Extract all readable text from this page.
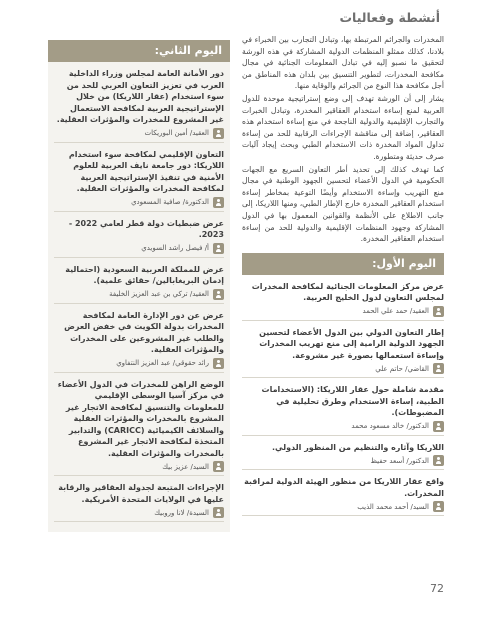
أنشطة وفعاليات

المخدرات والجرائم المرتبطة بها، وتبادل التجارب بين الخبراء في بلادنا، كذلك ممثلو المنظمات الدولية المشاركة في هذه الورشة لتحقيق ما نصبو إليه في تبادل المعلومات الجنائية في مجال مكافحة المخدرات، لتطوير التنسيق بين بلدان هذه المناطق من أجل مكافحة هذا النوع من الجرائم والوقاية منها.

يشار إلى أن الورشة تهدف إلى وضع إستراتيجية موحدة للدول العربية لمنع إساءة استخدام العقاقير المخدرة، وتبادل الخبرات والتجارب الإقليمية والدولية الناجحة في منع إساءة استخدام هذه العقاقير، إضافة إلى مناقشة الإجراءات الرقابية للحد من إساءة تداول المواد المخدرة ذات الاستخدام الطبي وبحث إيجاد آليات صرف حديثة ومتطورة.

كما تهدف كذلك إلى تحديد أطر التعاون السريع مع الجهات الحكومية في الدول الأعضاء لتحسين الجهود الوطنية في مجال منع التهريب وإساءة الاستخدام وأيضًا التوعية بمخاطر إساءة استخدام العقاقير المخدرة خارج الإطار الطبي، ومنها اللاريكا، إلى جانب الاطلاع على الأنظمة والقوانين المعمول بها في الدول المشاركة وجهود المنظمات الإقليمية والدولية للحد من إساءة استخدام العقاقير المخدرة.

اليوم الأول:

عرض مركز المعلومات الجنائية لمكافحة المخدرات لمجلس التعاون لدول الخليج العربية.

العقيد/ حمد علي الحمد

إطار التعاون الدولي بين الدول الأعضاء لتحسين الجهود الدولية الرامية إلى منع تهريب المخدرات وإساءة استعمالها بصورة غير مشروعة.

القاضي/ حاتم علي

مقدمة شاملة حول عقار اللاريكا: (الاستخدامات الطبية، إساءة الاستخدام وطرق تحليلية في المضبوطات).

الدكتور/ خالد مسعود محمد

اللاريكا وآثاره والتنظيم من المنظور الدولي.

الدكتور/ أسعد حفيظ

واقع عقار اللاريكا من منظور الهيئة الدولية لمراقبة المخدرات.

السيد/ أحمد محمد الذيب
اليوم الثاني:

دور الأمانة العامة لمجلس وزراء الداخلية العرب في تعزيز التعاون العربي للحد من سوء استخدام (عقار اللاريكا) من خلال الإستراتيجية العربية لمكافحة الاستعمال غير المشروع للمخدرات والمؤثرات العقلية.

العقيد/ أمين البوريكات

التعاون الإقليمي لمكافحة سوء استخدام اللاريكا: دور جامعة نايف العربية للعلوم الأمنية في تنفيذ الإستراتيجية العربية لمكافحة المخدرات والمؤثرات العقلية.

الدكتورة/ صافية المسعودي

عرض ضبطيات دولة قطر لعامي 2022 - 2023.

أ/ فيصل راشد السويدي

عرض للمملكة العربية السعودية (احتمالية إدمان البريغابالين/ حقائق علمية).

العقيد/ تركي بن عبد العزيز الخليفة

عرض عن دور الإدارة العامة لمكافحة المخدرات بدولة الكويت في خفض العرض والطلب غير المشروعين على المخدرات والمؤثرات العقلية.

رائد حقوقي/ عبد العزيز النتفاوي

الوضع الراهن للمخدرات في الدول الأعضاء في مركز آسيا الوسطى الإقليمي للمعلومات والتنسيق لمكافحة الاتجار غير المشروع بالمخدرات والمؤثرات العقلية والسلائف الكيميائية (CARICC) والتدابير المتخذة لمكافحة الاتجار غير المشروع بالمخدرات والمؤثرات العقلية.

السيد/ عزيز بيك

الإجراءات المتبعة لجدولة العقاقير والرقابة عليها في الولايات المتحدة الأمريكية.

السيدة/ لانا وروبيك
72
